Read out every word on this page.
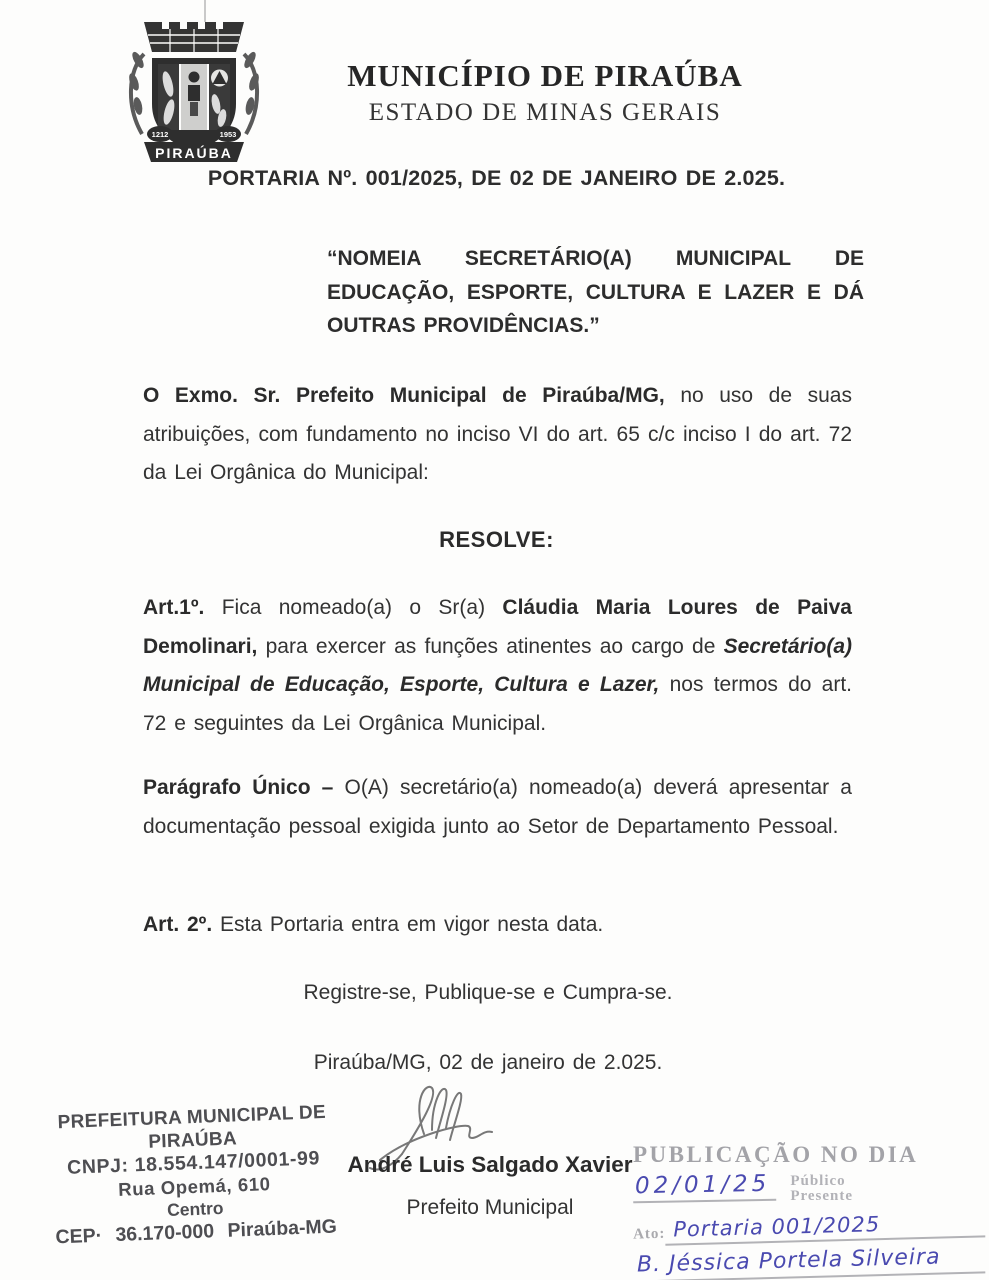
1212	1953
PIRAÚBA
MUNICÍPIO DE PIRAÚBA
ESTADO DE MINAS GERAIS
PORTARIA Nº. 001/2025, DE 02 DE JANEIRO DE 2.025.
“NOMEIA SECRETÁRIO(A) MUNICIPAL DE EDUCAÇÃO, ESPORTE, CULTURA E LAZER E DÁ OUTRAS PROVIDÊNCIAS.”
O Exmo. Sr. Prefeito Municipal de Piraúba/MG, no uso de suas atribuições, com fundamento no inciso VI do art. 65 c/c inciso I do art. 72 da Lei Orgânica do Municipal:
RESOLVE:
Art.1º. Fica nomeado(a) o Sr(a) Cláudia Maria Loures de Paiva Demolinari, para exercer as funções atinentes ao cargo de Secretário(a) Municipal de Educação, Esporte, Cultura e Lazer, nos termos do art. 72 e seguintes da Lei Orgânica Municipal.
Parágrafo Único – O(A) secretário(a) nomeado(a) deverá apresentar a documentação pessoal exigida junto ao Setor de Departamento Pessoal.
Art. 2º. Esta Portaria entra em vigor nesta data.
Registre-se, Publique-se e Cumpra-se.
Piraúba/MG, 02 de janeiro de 2.025.
André Luis Salgado Xavier
Prefeito Municipal
PREFEITURA MUNICIPAL DE PIRAÚBA
CNPJ: 18.554.147/0001-99
Rua Opemá, 610
Centro
CEP· 36.170-000 Piraúba-MG
PUBLICAÇÃO NO DIA
02/01/25	Público
Presente
Ato: Portaria 001/2025
B. Jéssica Portela Silveira
